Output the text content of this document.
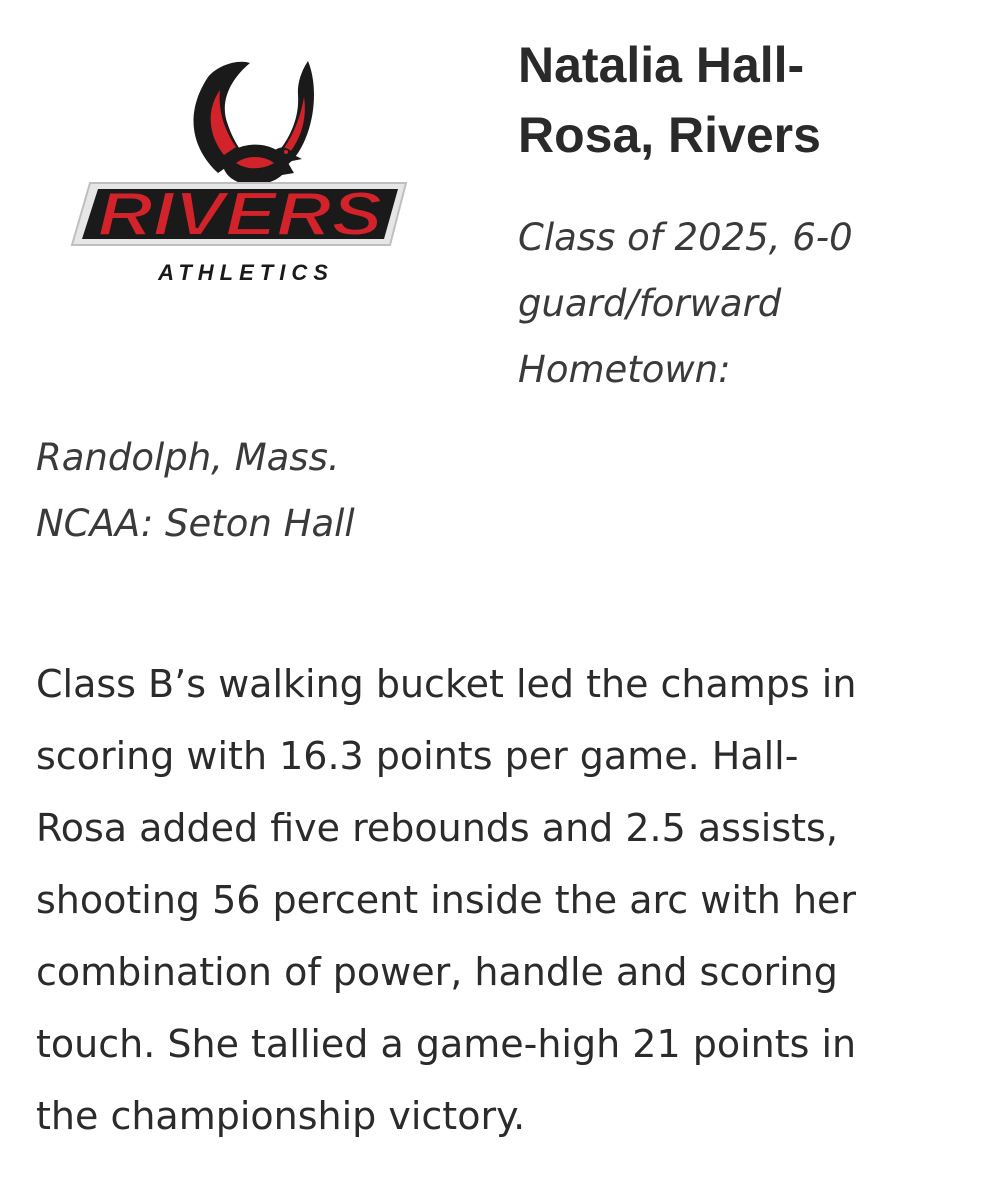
RIVERS
ATHLETICS
Natalia Hall-
Rosa, Rivers
Class of 2025, 6-0
guard/forward
Hometown:
Randolph, Mass.
NCAA: Seton Hall

Class B’s walking bucket led the champs in
scoring with 16.3 points per game. Hall-
Rosa added five rebounds and 2.5 assists,
shooting 56 percent inside the arc with her
combination of power, handle and scoring
touch. She tallied a game-high 21 points in
the championship victory.
